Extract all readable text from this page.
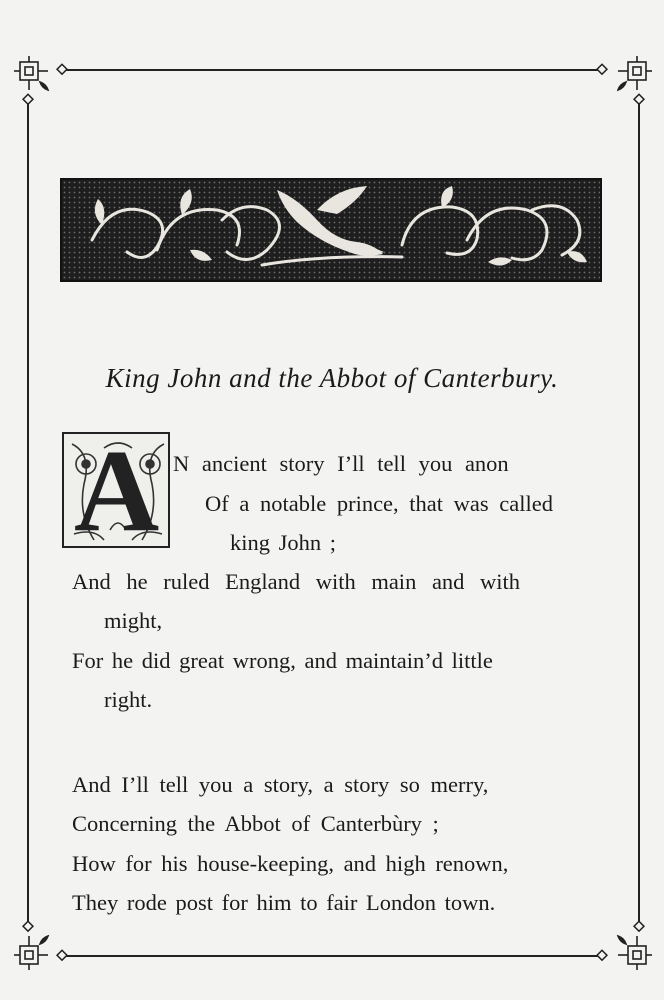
King John and the Abbot of Canterbury.
A N ancient story I’ll tell you anon
Of a notable prince, that was called
king John ;
And he ruled England with main and with
might,
For he did great wrong, and maintain’d little
right.
And I’ll tell you a story, a story so merry,
Concerning the Abbot of Canterbùry ;
How for his house-keeping, and high renown,
They rode post for him to fair London town.
